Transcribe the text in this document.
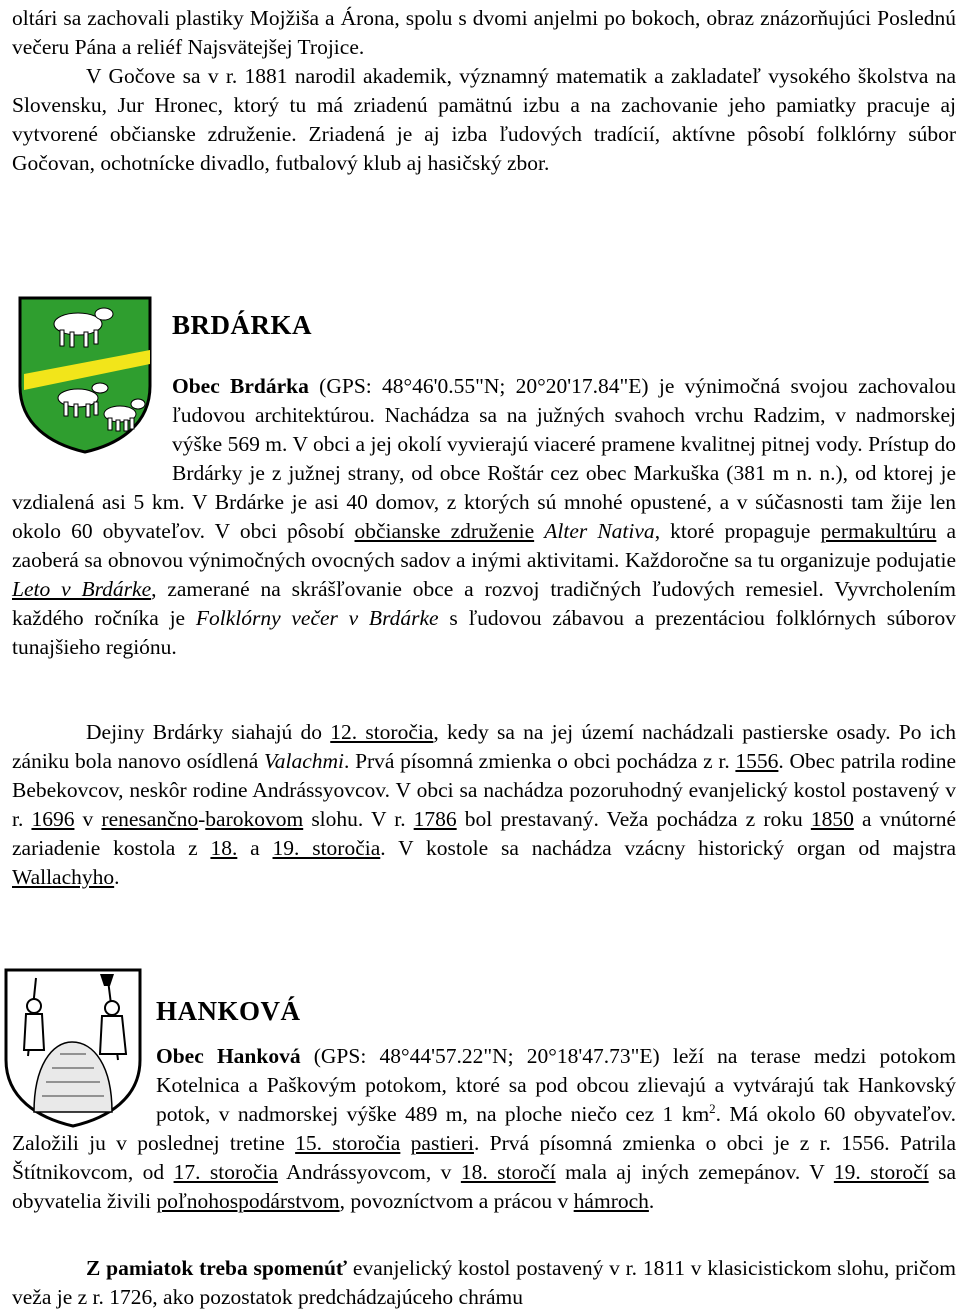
oltári sa zachovali plastiky Mojžiša a Árona, spolu s dvomi anjelmi po bokoch, obraz znázorňujúci Poslednú večeru Pána a reliéf Najsvätejšej Trojice.

V Gočove sa v r. 1881 narodil akademik, významný matematik a zakladateľ vysokého školstva na Slovensku, Jur Hronec, ktorý tu má zriadenú pamätnú izbu a na zachovanie jeho pamiatky pracuje aj vytvorené občianske združenie. Zriadená je aj izba ľudových tradícií, aktívne pôsobí folklórny súbor Gočovan, ochotnícke divadlo, futbalový klub aj hasičský zbor.

BRDÁRKA

Obec Brdárka (GPS: 48°46'0.55"N; 20°20'17.84"E) je výnimočná svojou zachovalou ľudovou architektúrou. Nachádza sa na južných svahoch vrchu Radzim, v nadmorskej výške 569 m. V obci a jej okolí vyvierajú viaceré pramene kvalitnej pitnej vody. Prístup do Brdárky je z južnej strany, od obce Roštár cez obec Markuška (381 m n. n.), od ktorej je vzdialená asi 5 km. V Brdárke je asi 40 domov, z ktorých sú mnohé opustené, a v súčasnosti tam žije len okolo 60 obyvateľov. V obci pôsobí občianske združenie Alter Nativa, ktoré propaguje permakultúru a zaoberá sa obnovou výnimočných ovocných sadov a inými aktivitami. Každoročne sa tu organizuje podujatie Leto v Brdárke, zamerané na skrášľovanie obce a rozvoj tradičných ľudových remesiel. Vyvrcholením každého ročníka je Folklórny večer v Brdárke s ľudovou zábavou a prezentáciou folklórnych súborov tunajšieho regiónu.

Dejiny Brdárky siahajú do 12. storočia, kedy sa na jej území nachádzali pastierske osady. Po ich zániku bola nanovo osídlená Valachmi. Prvá písomná zmienka o obci pochádza z r. 1556. Obec patrila rodine Bebekovcov, neskôr rodine Andrássyovcov. V obci sa nachádza pozoruhodný evanjelický kostol postavený v r. 1696 v renesančno-barokovom slohu. V r. 1786 bol prestavaný. Veža pochádza z roku 1850 a vnútorné zariadenie kostola z 18. a 19. storočia. V kostole sa nachádza vzácny historický organ od majstra Wallachyho.

HANKOVÁ

Obec Hanková (GPS: 48°44'57.22"N; 20°18'47.73"E) leží na terase medzi potokom Kotelnica a Paškovým potokom, ktoré sa pod obcou zlievajú a vytvárajú tak Hankovský potok, v nadmorskej výške 489 m, na ploche niečo cez 1 $km^2$. Má okolo 60 obyvateľov. Založili ju v poslednej tretine 15. storočia pastieri. Prvá písomná zmienka o obci je z r. 1556. Patrila Štítnikovcom, od 17. storočia Andrássyovcom, v 18. storočí mala aj iných zemepánov. V 19. storočí sa obyvatelia živili poľnohospodárstvom, povozníctvom a prácou v hámroch.

Z pamiatok treba spomenúť evanjelický kostol postavený v r. 1811 v klasicistickom slohu, pričom veža je z r. 1726, ako pozostatok predchádzajúceho chrámu
